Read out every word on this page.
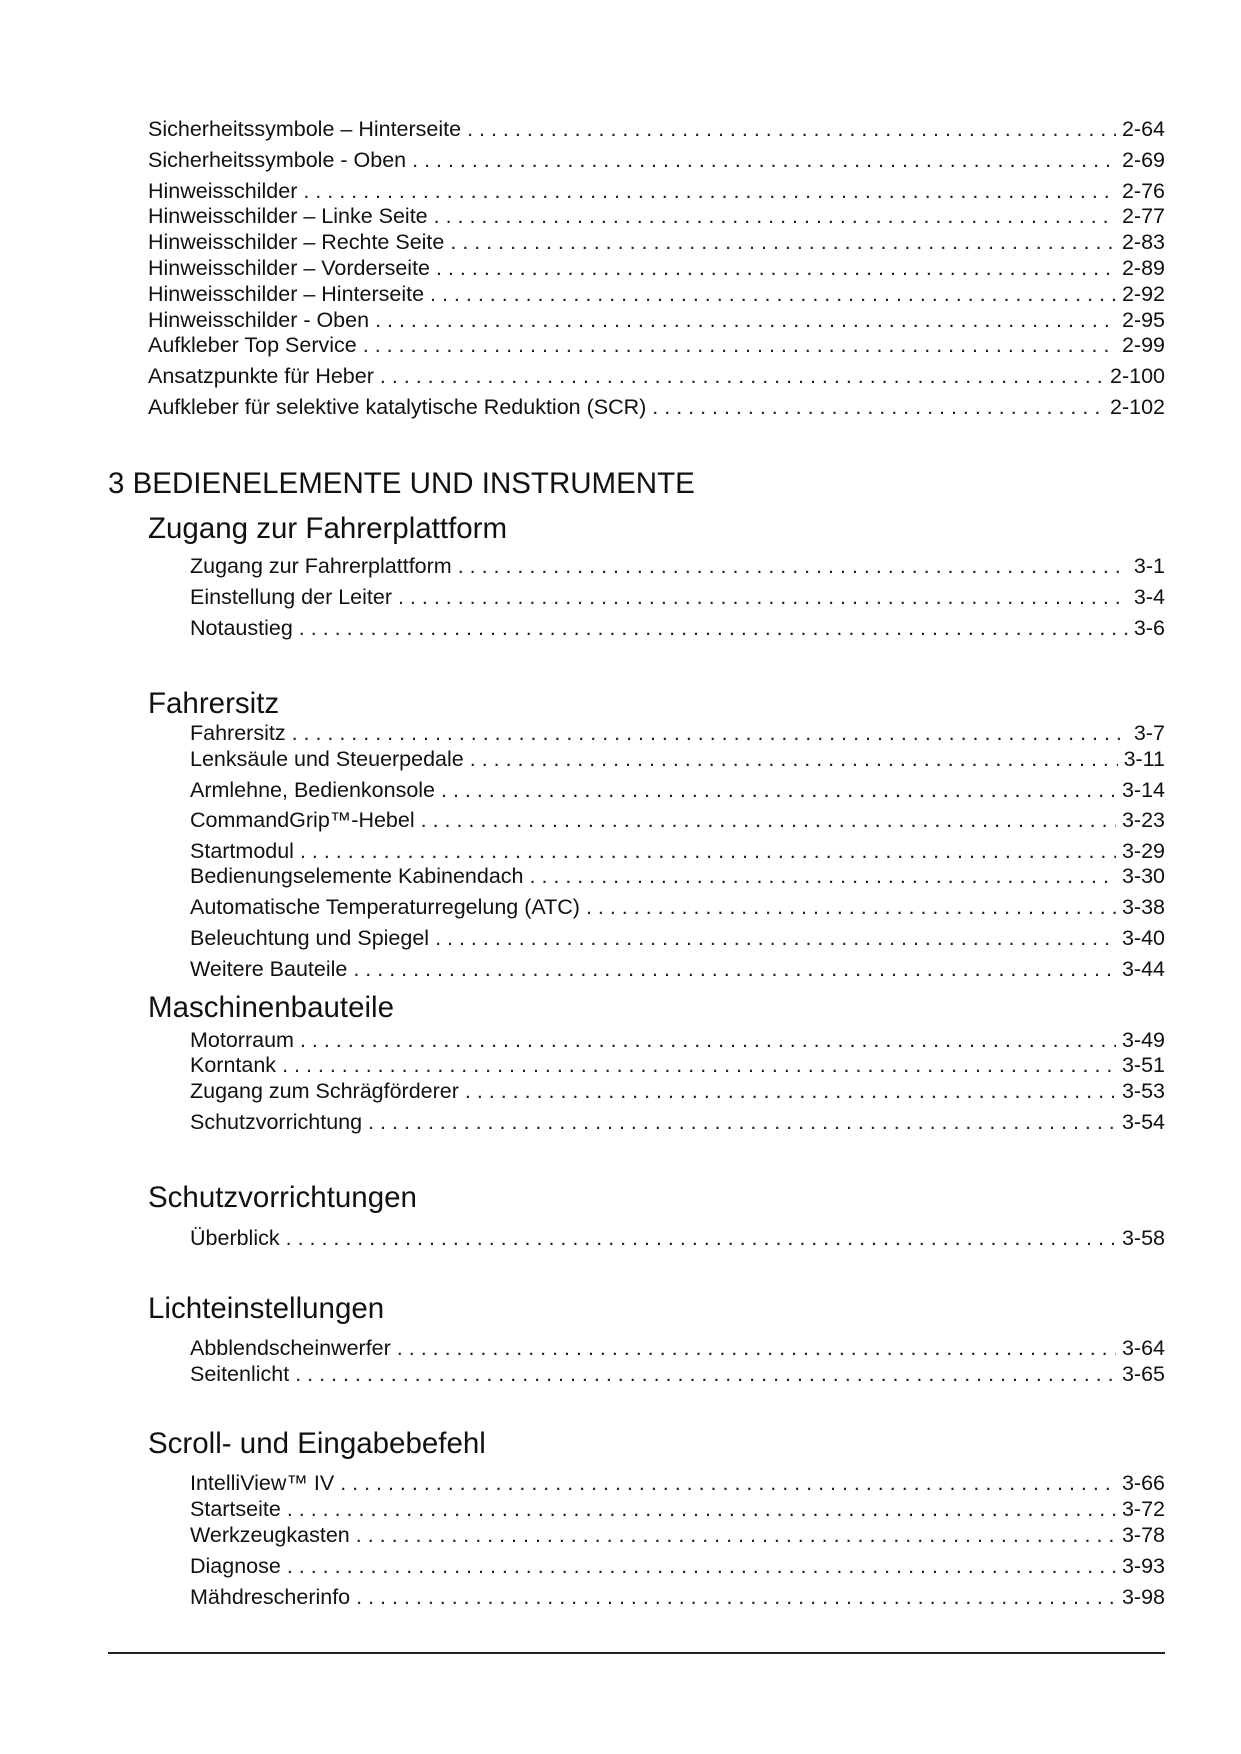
Sicherheitssymbole – Hinterseite . . .	2-64
Sicherheitssymbole - Oben . . .	2-69
Hinweisschilder . . .	2-76
Hinweisschilder – Linke Seite . . .	2-77
Hinweisschilder – Rechte Seite . . .	2-83
Hinweisschilder – Vorderseite . . .	2-89
Hinweisschilder – Hinterseite . . .	2-92
Hinweisschilder - Oben . . .	2-95
Aufkleber Top Service . . .	2-99
Ansatzpunkte für Heber . . .	2-100
Aufkleber für selektive katalytische Reduktion (SCR) . . .	2-102
3 BEDIENELEMENTE UND INSTRUMENTE
Zugang zur Fahrerplattform
Zugang zur Fahrerplattform . . .	3-1
Einstellung der Leiter . . .	3-4
Notaustieg . . .	3-6
Fahrersitz
Fahrersitz . . .	3-7
Lenksäule und Steuerpedale . . .	3-11
Armlehne, Bedienkonsole . . .	3-14
CommandGrip™-Hebel . . .	3-23
Startmodul . . .	3-29
Bedienungselemente Kabinendach . . .	3-30
Automatische Temperaturregelung (ATC) . . .	3-38
Beleuchtung und Spiegel . . .	3-40
Weitere Bauteile . . .	3-44
Maschinenbauteile
Motorraum . . .	3-49
Korntank . . .	3-51
Zugang zum Schrägförderer . . .	3-53
Schutzvorrichtung . . .	3-54
Schutzvorrichtungen
Überblick . . .	3-58
Lichteinstellungen
Abblendscheinwerfer . . .	3-64
Seitenlicht . . .	3-65
Scroll- und Eingabebefehl
IntelliView™ IV . . .	3-66
Startseite . . .	3-72
Werkzeugkasten . . .	3-78
Diagnose . . .	3-93
Mähdrescherinfo . . .	3-98
